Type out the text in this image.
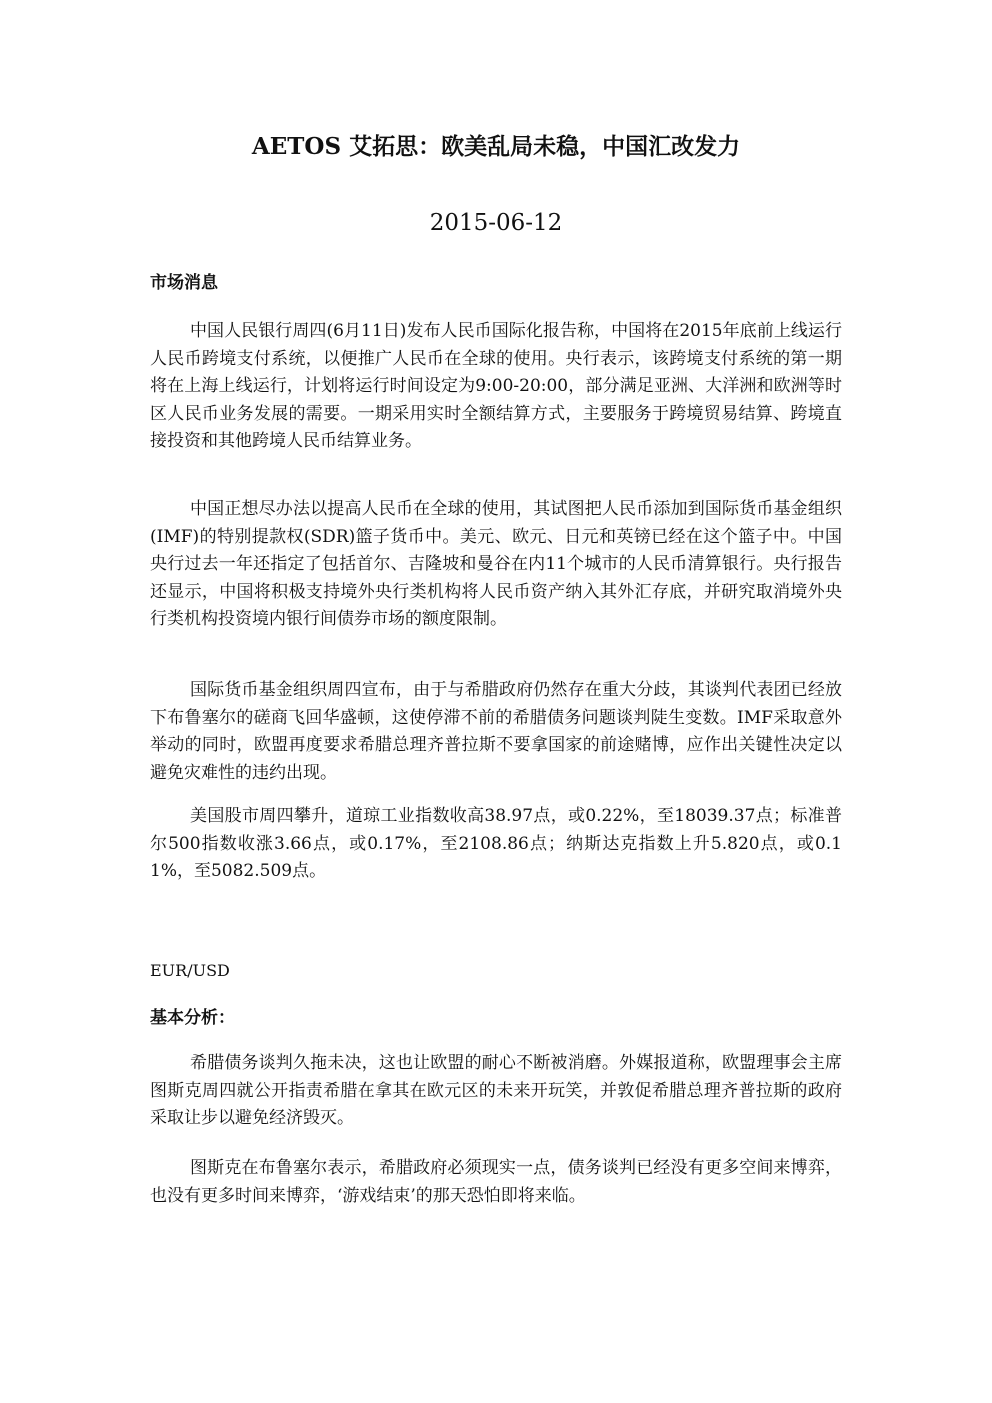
AETOS 艾拓思：欧美乱局未稳，中国汇改发力
2015-06-12
市场消息

中国人民银行周四(6月11日)发布人民币国际化报告称，中国将在2015年底前上线运行人民币跨境支付系统，以便推广人民币在全球的使用。央行表示，该跨境支付系统的第一期将在上海上线运行，计划将运行时间设定为9:00-20:00，部分满足亚洲、大洋洲和欧洲等时区人民币业务发展的需要。一期采用实时全额结算方式，主要服务于跨境贸易结算、跨境直接投资和其他跨境人民币结算业务。

中国正想尽办法以提高人民币在全球的使用，其试图把人民币添加到国际货币基金组织(IMF)的特别提款权(SDR)篮子货币中。美元、欧元、日元和英镑已经在这个篮子中。中国央行过去一年还指定了包括首尔、吉隆坡和曼谷在内11个城市的人民币清算银行。央行报告还显示，中国将积极支持境外央行类机构将人民币资产纳入其外汇存底，并研究取消境外央行类机构投资境内银行间债券市场的额度限制。

国际货币基金组织周四宣布，由于与希腊政府仍然存在重大分歧，其谈判代表团已经放下布鲁塞尔的磋商飞回华盛顿，这使停滞不前的希腊债务问题谈判陡生变数。IMF采取意外举动的同时，欧盟再度要求希腊总理齐普拉斯不要拿国家的前途赌博，应作出关键性决定以避免灾难性的违约出现。

美国股市周四攀升，道琼工业指数收高38.97点，或0.22%，至18039.37点；标准普尔500指数收涨3.66点，或0.17%，至2108.86点；纳斯达克指数上升5.820点，或0.11%，至5082.509点。

EUR/USD
基本分析：

希腊债务谈判久拖未决，这也让欧盟的耐心不断被消磨。外媒报道称，欧盟理事会主席图斯克周四就公开指责希腊在拿其在欧元区的未来开玩笑，并敦促希腊总理齐普拉斯的政府采取让步以避免经济毁灭。

图斯克在布鲁塞尔表示，希腊政府必须现实一点，债务谈判已经没有更多空间来博弈，也没有更多时间来博弈，‘游戏结束’的那天恐怕即将来临。
